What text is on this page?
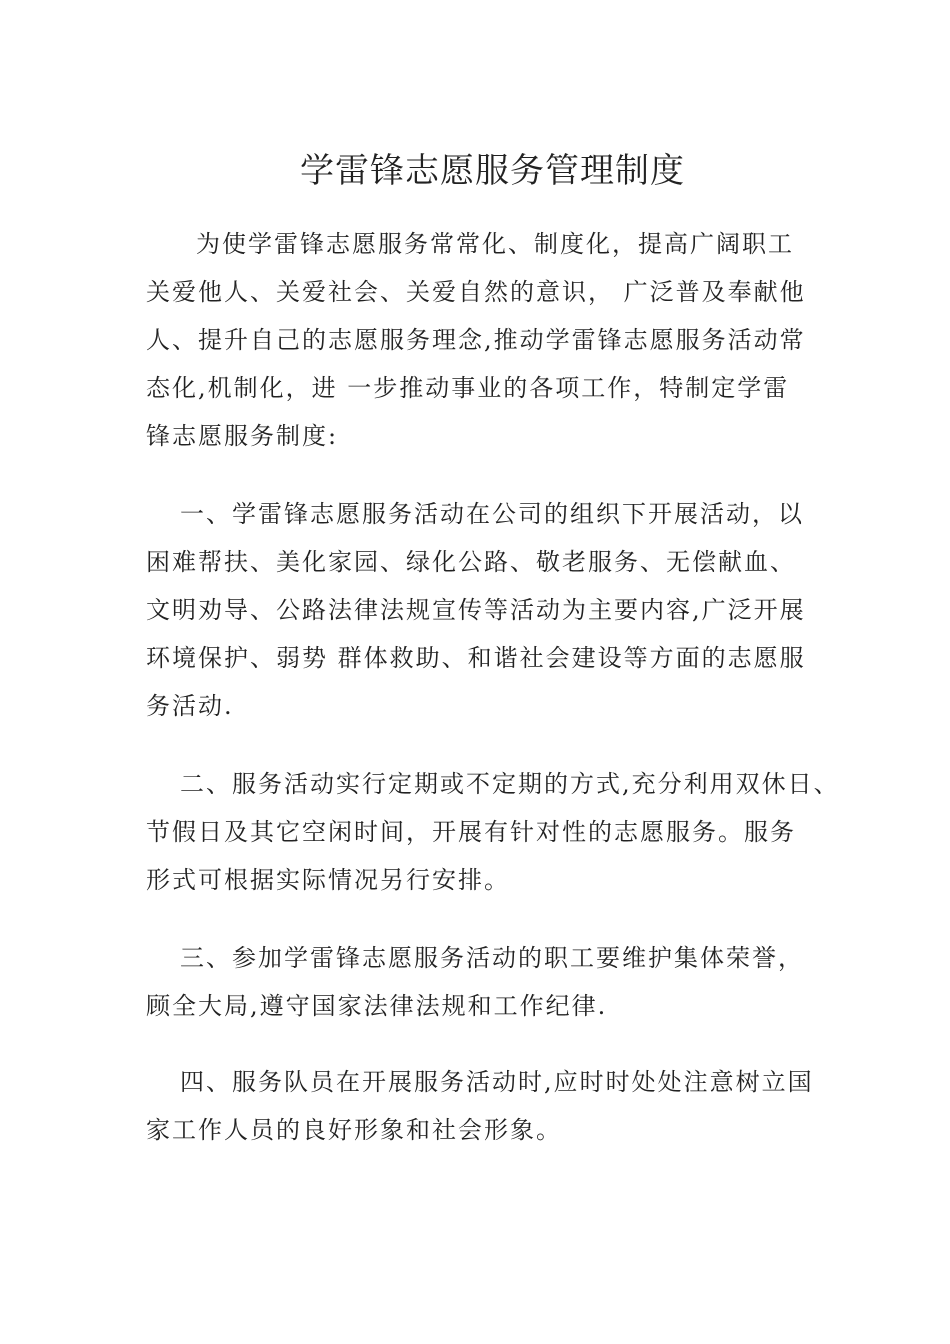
学雷锋志愿服务管理制度
为使学雷锋志愿服务常常化、制度化，提高广阔职工
关爱他人、关爱社会、关爱自然的意识， 广泛普及奉献他
人、提升自己的志愿服务理念,推动学雷锋志愿服务活动常
态化,机制化，进 一步推动事业的各项工作，特制定学雷
锋志愿服务制度:
一、学雷锋志愿服务活动在公司的组织下开展活动，以
困难帮扶、美化家园、绿化公路、敬老服务、无偿献血、
文明劝导、公路法律法规宣传等活动为主要内容,广泛开展
环境保护、弱势 群体救助、和谐社会建设等方面的志愿服
务活动.
二、服务活动实行定期或不定期的方式,充分利用双休日、
节假日及其它空闲时间，开展有针对性的志愿服务。服务
形式可根据实际情况另行安排。
三、参加学雷锋志愿服务活动的职工要维护集体荣誉，
顾全大局,遵守国家法律法规和工作纪律.
四、服务队员在开展服务活动时,应时时处处注意树立国
家工作人员的良好形象和社会形象。
